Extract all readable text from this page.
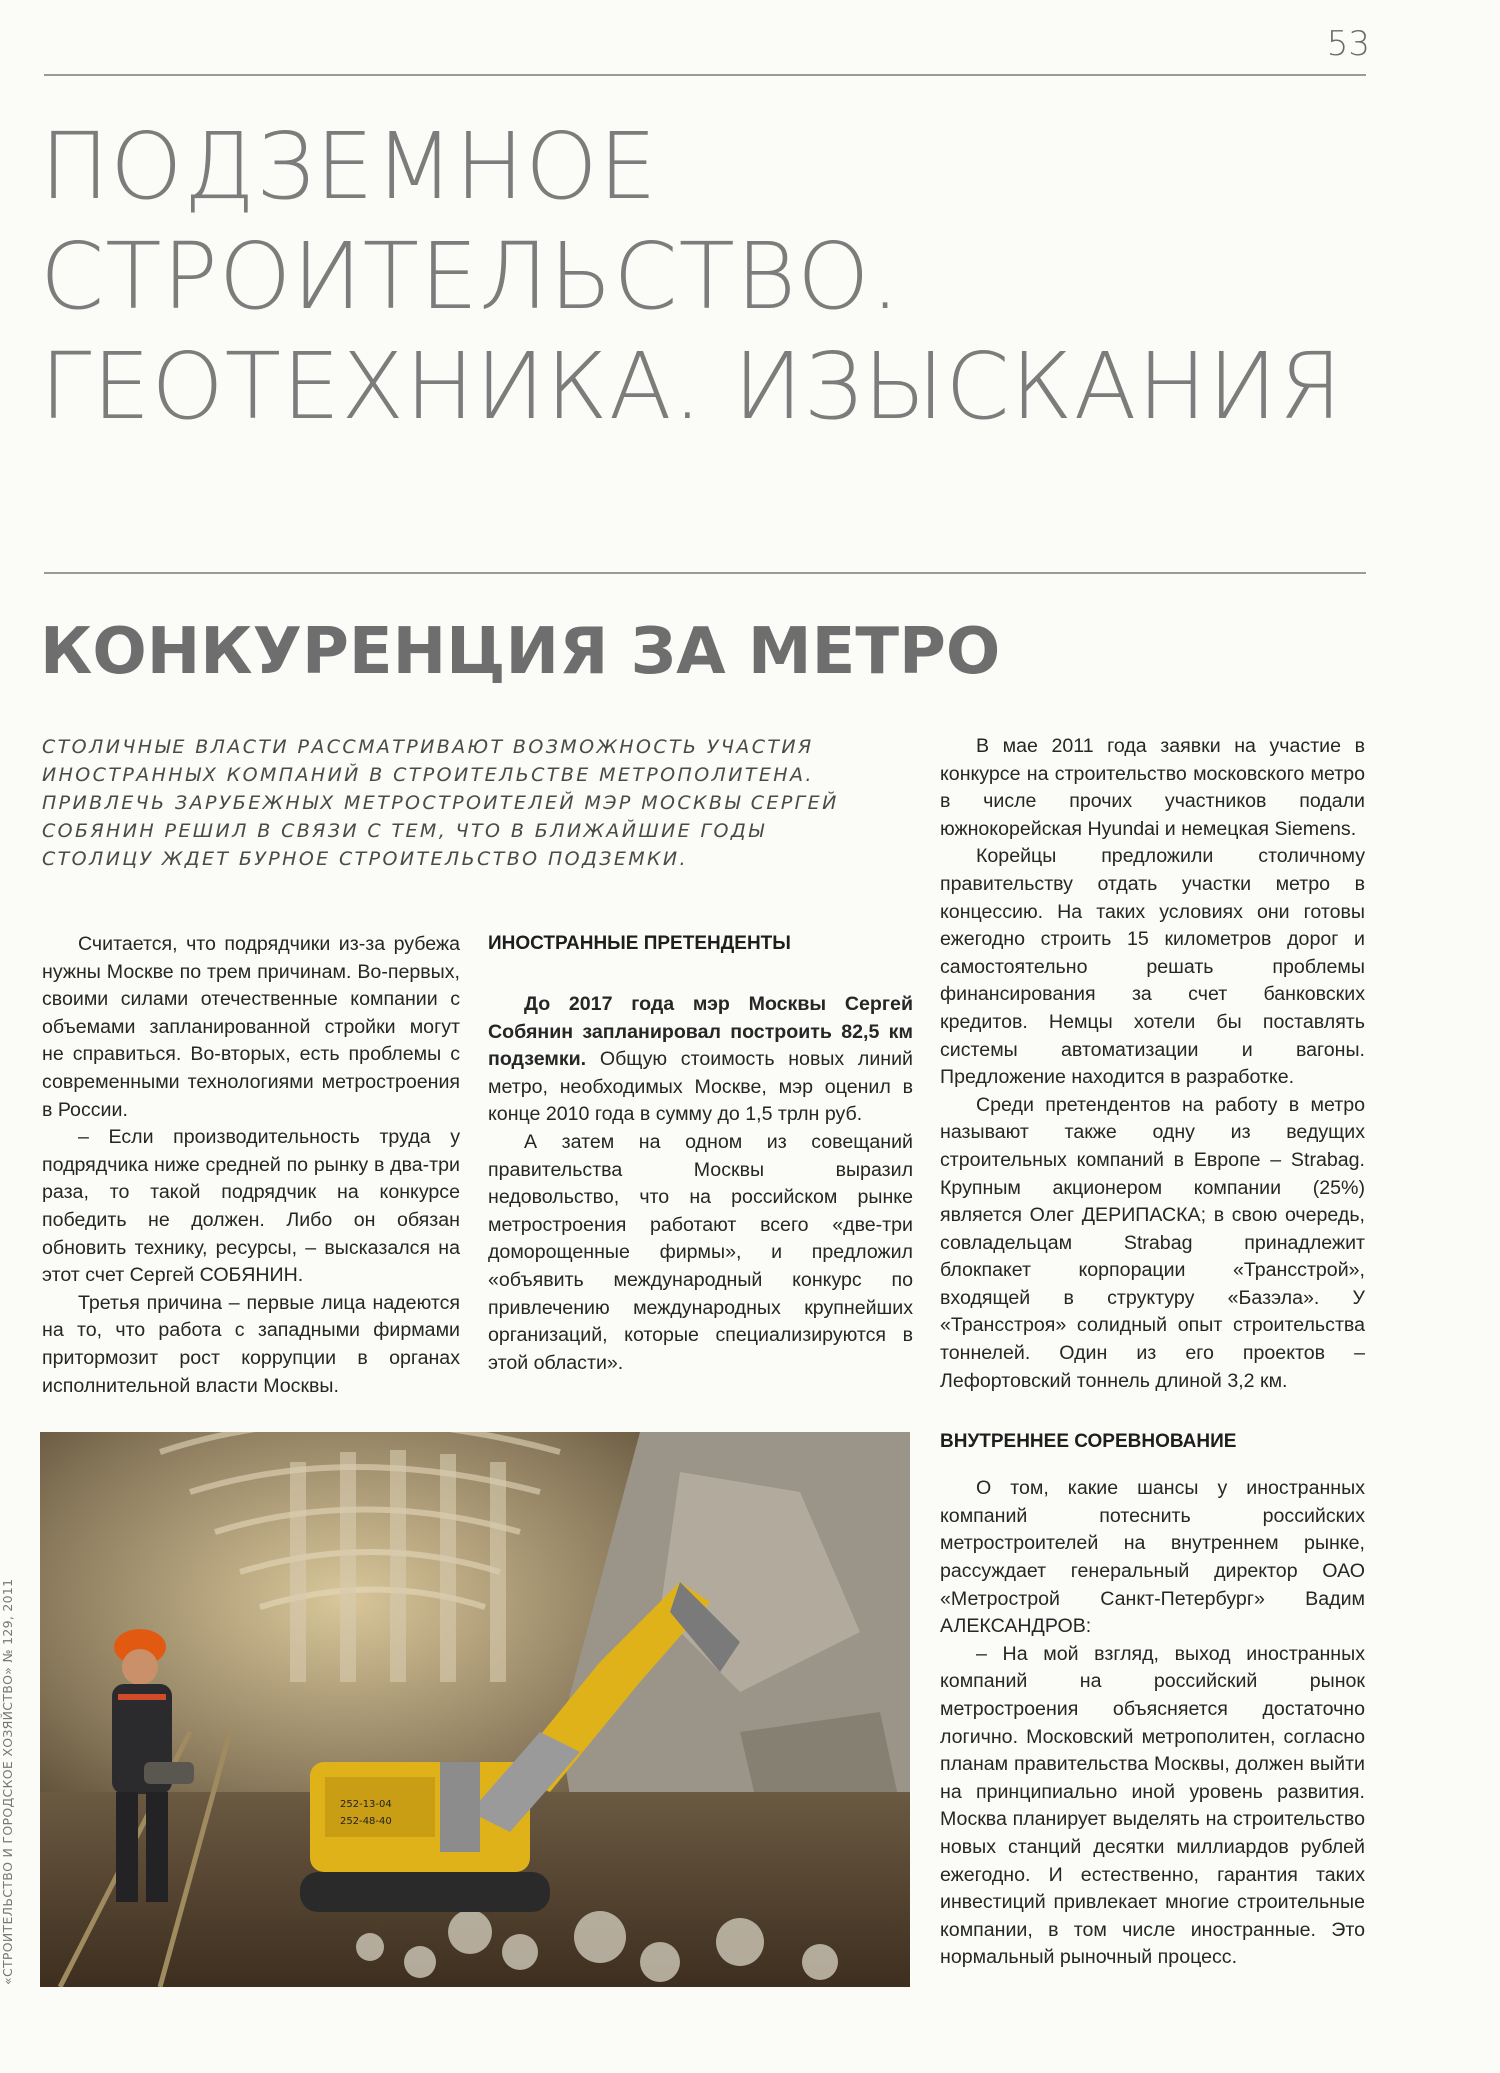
53
ПОДЗЕМНОЕ
СТРОИТЕЛЬСТВО.
ГЕОТЕХНИКА. ИЗЫСКАНИЯ
КОНКУРЕНЦИЯ ЗА МЕТРО
СТОЛИЧНЫЕ ВЛАСТИ РАССМАТРИВАЮТ ВОЗМОЖНОСТЬ УЧАСТИЯ ИНОСТРАННЫХ КОМПАНИЙ В СТРОИТЕЛЬСТВЕ МЕТРОПОЛИТЕНА. ПРИВЛЕЧЬ ЗАРУБЕЖНЫХ МЕТРОСТРОИТЕЛЕЙ МЭР МОСКВЫ СЕРГЕЙ СОБЯНИН РЕШИЛ В СВЯЗИ С ТЕМ, ЧТО В БЛИЖАЙШИЕ ГОДЫ СТОЛИЦУ ЖДЕТ БУРНОЕ СТРОИТЕЛЬСТВО ПОДЗЕМКИ.

Считается, что подрядчики из-за рубежа нужны Москве по трем причинам. Во-первых, своими силами отечественные компании с объемами запланированной стройки могут не справиться. Во-вторых, есть проблемы с современными технологиями метростроения в России.

– Если производительность труда у подрядчика ниже средней по рынку в два-три раза, то такой подрядчик на конкурсе победить не должен. Либо он обязан обновить технику, ресурсы, – высказался на этот счет Сергей СОБЯНИН.

Третья причина – первые лица надеются на то, что работа с западными фирмами притормозит рост коррупции в органах исполнительной власти Москвы.

ИНОСТРАННЫЕ ПРЕТЕНДЕНТЫ

До 2017 года мэр Москвы Сергей Собянин запланировал построить 82,5 км подземки. Общую стоимость новых линий метро, необходимых Москве, мэр оценил в конце 2010 года в сумму до 1,5 трлн руб.

А затем на одном из совещаний правительства Москвы выразил недовольство, что на российском рынке метростроения работают всего «две-три доморощенные фирмы», и предложил «объявить международный конкурс по привлечению международных крупнейших организаций, которые специализируются в этой области».

В мае 2011 года заявки на участие в конкурсе на строительство московского метро в числе прочих участников подали южнокорейская Hyundai и немецкая Siemens.

Корейцы предложили столичному правительству отдать участки метро в концессию. На таких условиях они готовы ежегодно строить 15 километров дорог и самостоятельно решать проблемы финансирования за счет банковских кредитов. Немцы хотели бы поставлять системы автоматизации и вагоны. Предложение находится в разработке.

Среди претендентов на работу в метро называют также одну из ведущих строительных компаний в Европе – Strabag. Крупным акционером компании (25%) является Олег ДЕРИПАСКА; в свою очередь, совладельцам Strabag принадлежит блокпакет корпорации «Трансстрой», входящей в структуру «Базэла». У «Трансстроя» солидный опыт строительства тоннелей. Один из его проектов – Лефортовский тоннель длиной 3,2 км.

ВНУТРЕННЕЕ СОРЕВНОВАНИЕ

О том, какие шансы у иностранных компаний потеснить российских метростроителей на внутреннем рынке, рассуждает генеральный директор ОАО «Метрострой Санкт-Петербург» Вадим АЛЕКСАНДРОВ:

– На мой взгляд, выход иностранных компаний на российский рынок метростроения объясняется достаточно логично. Московский метрополитен, согласно планам правительства Москвы, должен выйти на принципиально иной уровень развития. Москва планирует выделять на строительство новых станций десятки миллиардов рублей ежегодно. И естественно, гарантия таких инвестиций привлекает многие строительные компании, в том числе иностранные. Это нормальный рыночный процесс.

252-13-04
252-48-40
«СТРОИТЕЛЬСТВО И ГОРОДСКОЕ ХОЗЯЙСТВО» № 129, 2011
